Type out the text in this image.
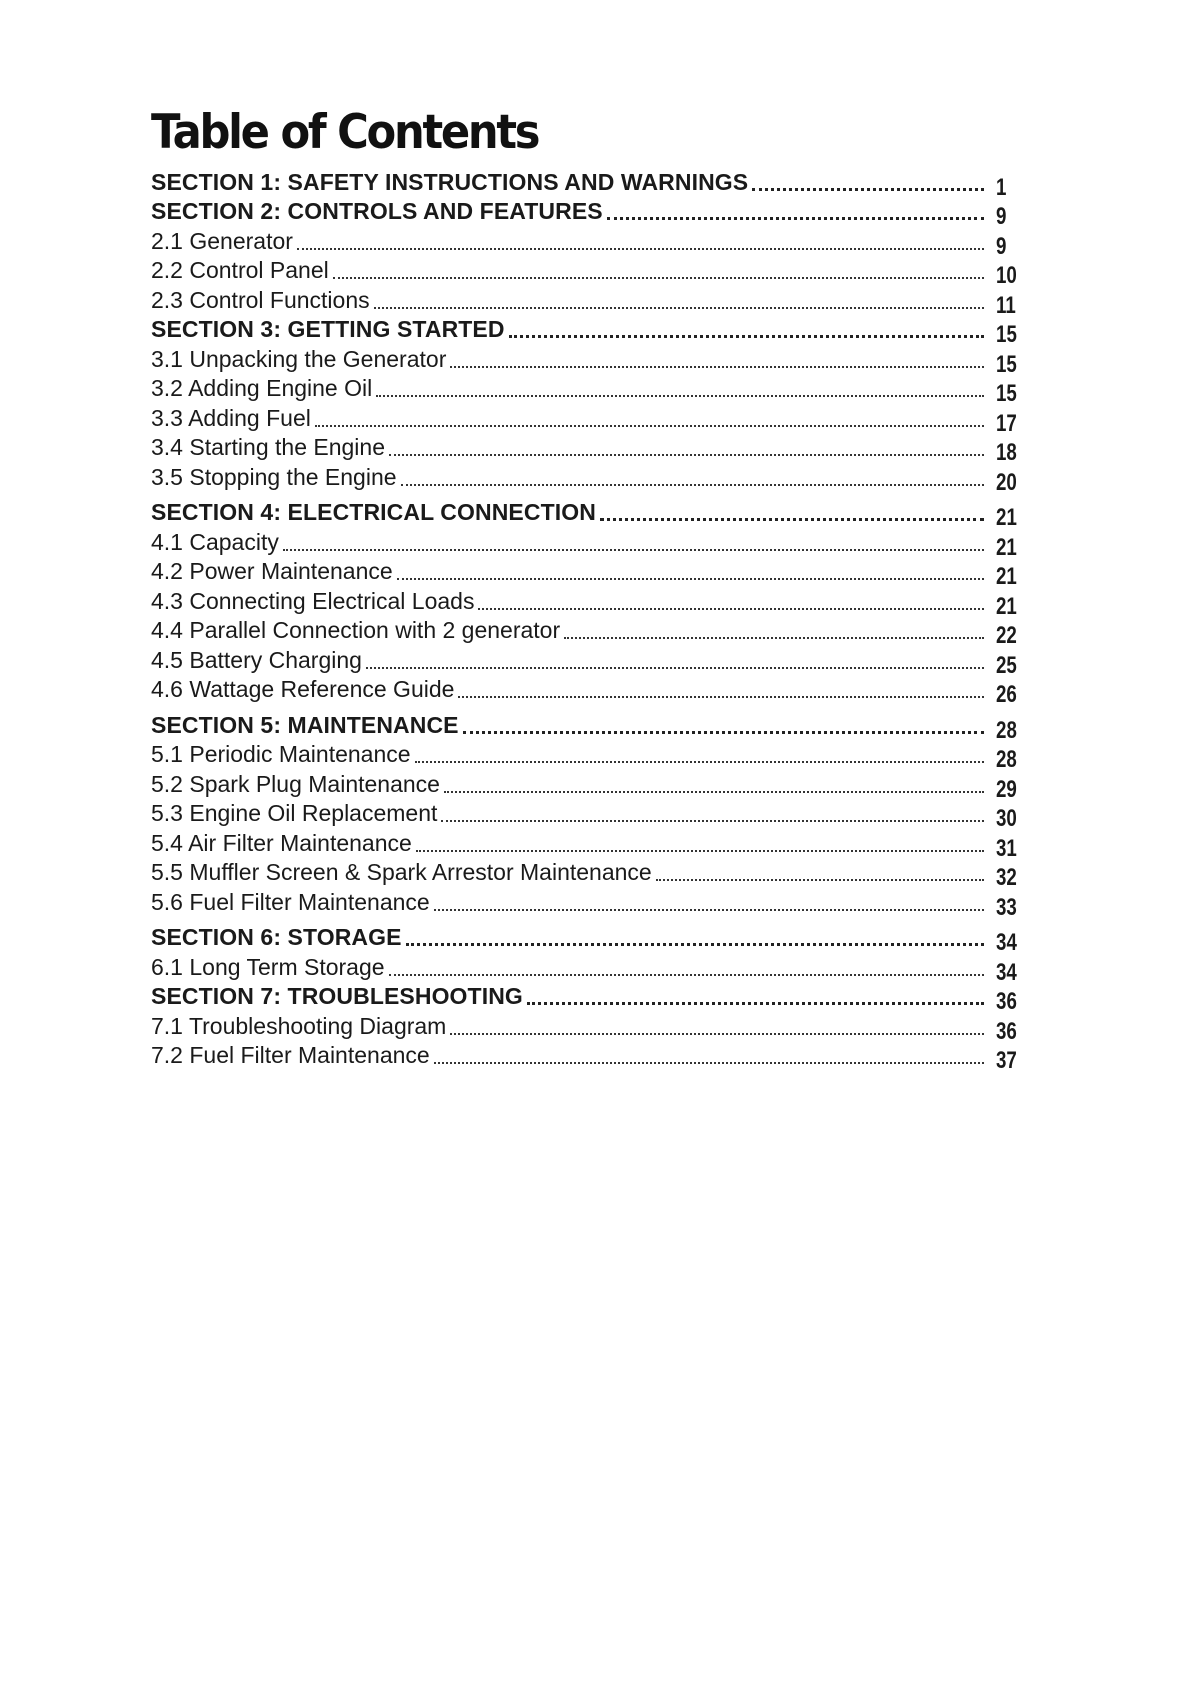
Table of Contents
SECTION 1: SAFETY INSTRUCTIONS AND WARNINGS	1
SECTION 2: CONTROLS AND FEATURES	9
2.1 Generator	9
2.2 Control Panel	10
2.3 Control Functions	11
SECTION 3: GETTING STARTED	15
3.1 Unpacking the Generator	15
3.2 Adding Engine Oil	15
3.3 Adding Fuel	17
3.4 Starting the Engine	18
3.5 Stopping the Engine	20
SECTION 4: ELECTRICAL CONNECTION	21
4.1 Capacity	21
4.2 Power Maintenance	21
4.3 Connecting Electrical Loads	21
4.4 Parallel Connection with 2 generator	22
4.5 Battery Charging	25
4.6 Wattage Reference Guide	26
SECTION 5: MAINTENANCE	28
5.1 Periodic Maintenance	28
5.2 Spark Plug Maintenance	29
5.3 Engine Oil Replacement	30
5.4 Air Filter Maintenance	31
5.5 Muffler Screen & Spark Arrestor Maintenance	32
5.6 Fuel Filter Maintenance	33
SECTION 6: STORAGE	34
6.1 Long Term Storage	34
SECTION 7: TROUBLESHOOTING	36
7.1 Troubleshooting Diagram	36
7.2 Fuel Filter Maintenance	37
